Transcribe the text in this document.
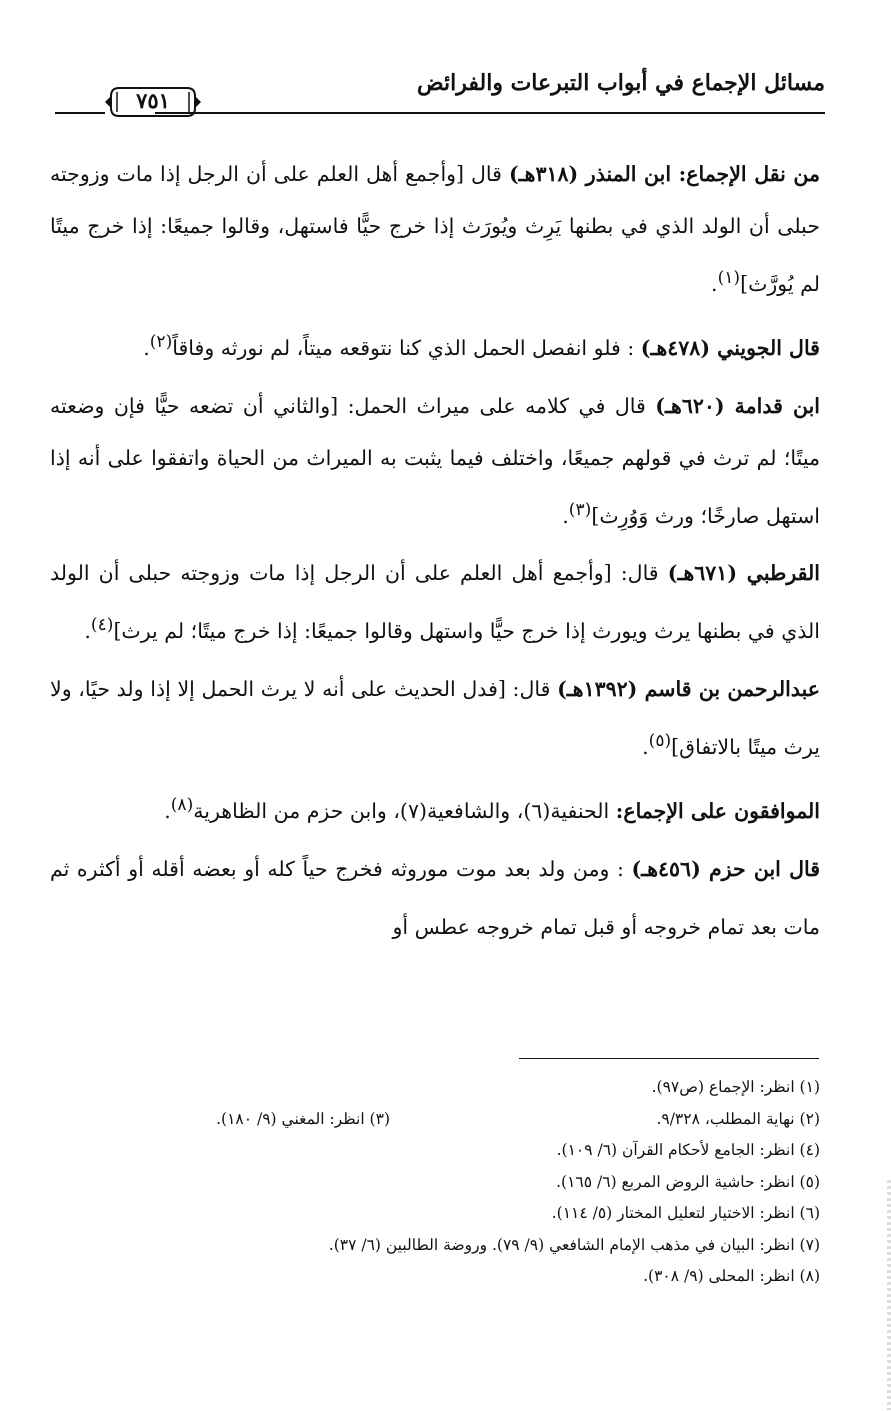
مسائل الإجماع في أبواب التبرعات والفرائض
٧٥١

من نقل الإجماع: ابن المنذر (٣١٨هـ) قال [وأجمع أهل العلم على أن الرجل إذا مات وزوجته حبلى أن الولد الذي في بطنها يَرِث ويُورَث إذا خرج حيًّا فاستهل، وقالوا جميعًا: إذا خرج ميتًا لم يُورَّث]$^{(١)}$.

قال الجويني (٤٧٨هـ) : فلو انفصل الحمل الذي كنا نتوقعه ميتاً، لم نورثه وفاقاً$^{(٢)}$.

ابن قدامة (٦٢٠هـ) قال في كلامه على ميراث الحمل: [والثاني أن تضعه حيًّا فإن وضعته ميتًا؛ لم ترث في قولهم جميعًا، واختلف فيما يثبت به الميراث من الحياة واتفقوا على أنه إذا استهل صارخًا؛ ورث وَوُرِث]$^{(٣)}$.

القرطبي (٦٧١هـ) قال: [وأجمع أهل العلم على أن الرجل إذا مات وزوجته حبلى أن الولد الذي في بطنها يرث ويورث إذا خرج حيًّا واستهل وقالوا جميعًا: إذا خرج ميتًا؛ لم يرث]$^{(٤)}$.

عبدالرحمن بن قاسم (١٣٩٢هـ) قال: [فدل الحديث على أنه لا يرث الحمل إلا إذا ولد حيًا، ولا يرث ميتًا بالاتفاق]$^{(٥)}$.

الموافقون على الإجماع: الحنفية(٦)، والشافعية(٧)، وابن حزم من الظاهرية$^{(٨)}$.

قال ابن حزم (٤٥٦هـ) : ومن ولد بعد موت موروثه فخرج حياً كله أو بعضه أقله أو أكثره ثم مات بعد تمام خروجه أو قبل تمام خروجه عطس أو

(١) انظر: الإجماع (ص٩٧).
(٢) نهاية المطلب، ٩/٣٢٨.
(٣) انظر: المغني (٩/ ١٨٠).
(٤) انظر: الجامع لأحكام القرآن (٦/ ١٠٩).
(٥) انظر: حاشية الروض المربع (٦/ ١٦٥).
(٦) انظر: الاختيار لتعليل المختار (٥/ ١١٤).
(٧) انظر: البيان في مذهب الإمام الشافعي (٩/ ٧٩). وروضة الطالبين (٦/ ٣٧).
(٨) انظر: المحلى (٩/ ٣٠٨).
